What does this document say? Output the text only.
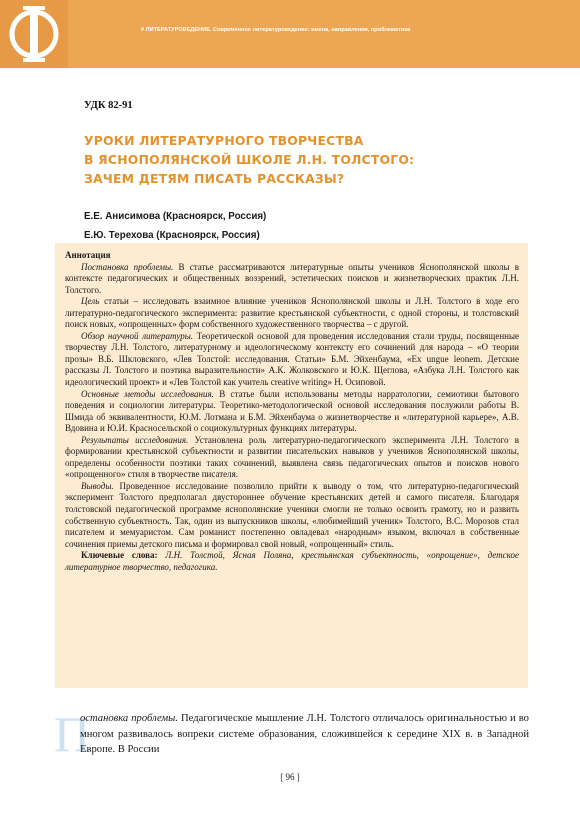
# ЛИТЕРАТУРОВЕДЕНИЕ. Современное литературоведение: имена, направления, проблематика
УДК 82-91
УРОКИ ЛИТЕРАТУРНОГО ТВОРЧЕСТВА
В ЯСНОПОЛЯНСКОЙ ШКОЛЕ Л.Н. ТОЛСТОГО:
ЗАЧЕМ ДЕТЯМ ПИСАТЬ РАССКАЗЫ?
Е.Е. Анисимова (Красноярск, Россия)
Е.Ю. Терехова (Красноярск, Россия)
Аннотация

Постановка проблемы. В статье рассматриваются литературные опыты учеников Яснополянской школы в контексте педагогических и общественных воззрений, эстетических поисков и жизнетворческих практик Л.Н. Толстого.

Цель статьи – исследовать взаимное влияние учеников Яснополянской школы и Л.Н. Толстого в ходе его литературно-педагогического эксперимента: развитие крестьянской субъектности, с одной стороны, и толстовский поиск новых, «опрощенных» форм собственного художественного творчества – с другой.

Обзор научной литературы. Теоретической основой для проведения исследования стали труды, посвященные творчеству Л.Н. Толстого, литературному и идеологическому контексту его сочинений для народа – «О теории прозы» В.Б. Шкловского, «Лев Толстой: исследования. Статьи» Б.М. Эйхенбаума, «Ex ungue leonem. Детские рассказы Л. Толстого и поэтика выразительности» А.К. Жолковского и Ю.К. Щеглова, «Азбука Л.Н. Толстого как идеологический проект» и «Лев Толстой как учитель creative writing» Н. Осиповой.

Основные методы исследования. В статье были использованы методы нарратологии, семиотики бытового поведения и социологии литературы. Теоретико-методологической основой исследования послужили работы В. Шмида об эквивалентности, Ю.М. Лотмана и Б.М. Эйхенбаума о жизнетворчестве и «литературной карьере», А.В. Вдовина и Ю.И. Красносельской о социокультурных функциях литературы.

Результаты исследования. Установлена роль литературно-педагогического эксперимента Л.Н. Толстого в формировании крестьянской субъектности и развитии писательских навыков у учеников Яснополянской школы, определены особенности поэтики таких сочинений, выявлена связь педагогических опытов и поисков нового «опрощенного» стиля в творчестве писателя.

Выводы. Проведенное исследование позволило прийти к выводу о том, что литературно-педагогический эксперимент Толстого предполагал двустороннее обучение крестьянских детей и самого писателя. Благодаря толстовской педагогической программе яснополянские ученики смогли не только освоить грамоту, но и развить собственную субъектность. Так, один из выпускников школы, «любимейший ученик» Толстого, В.С. Морозов стал писателем и мемуаристом. Сам романист постепенно овладевал «народным» языком, включал в собственные сочинения приемы детского письма и формировал свой новый, «опрощенный» стиль.

Ключевые слова: Л.Н. Толстой, Ясная Поляна, крестьянская субъектность, «опрощение», детское литературное творчество, педагогика.

П
остановка проблемы. Педагогическое мышление Л.Н. Толстого отличалось оригинальностью и во многом развивалось вопреки системе образования, сложившейся к середине XIX в. в Западной Европе. В России
[ 96 ]
